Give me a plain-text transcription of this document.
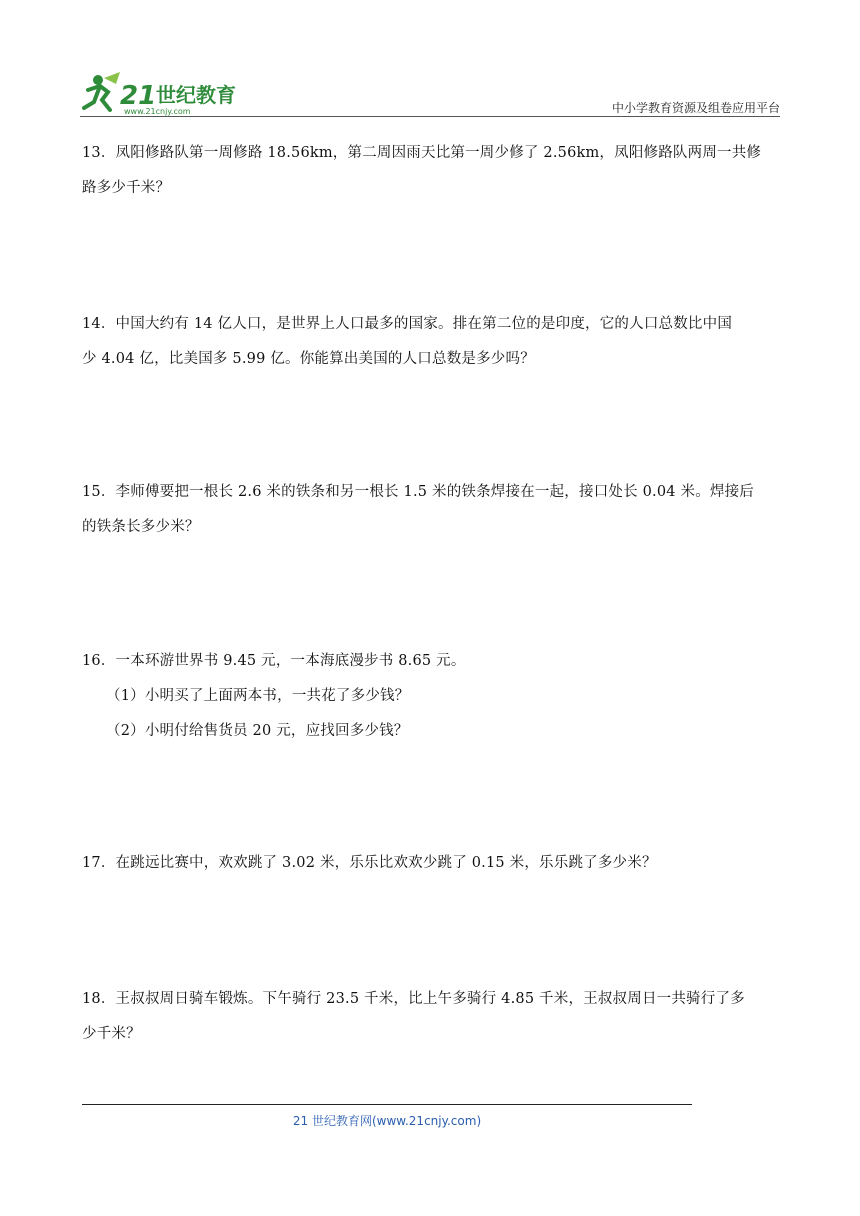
21 世纪教育
www.21cnjy.com	中小学教育资源及组卷应用平台

13．凤阳修路队第一周修路 18.56km，第二周因雨天比第一周少修了 2.56km，凤阳修路队两周一共修

路多少千米？

14．中国大约有 14 亿人口，是世界上人口最多的国家。排在第二位的是印度，它的人口总数比中国

少 4.04 亿，比美国多 5.99 亿。你能算出美国的人口总数是多少吗？

15．李师傅要把一根长 2.6 米的铁条和另一根长 1.5 米的铁条焊接在一起，接口处长 0.04 米。焊接后

的铁条长多少米？

16．一本环游世界书 9.45 元，一本海底漫步书 8.65 元。

（1）小明买了上面两本书，一共花了多少钱？

（2）小明付给售货员 20 元，应找回多少钱？

17．在跳远比赛中，欢欢跳了 3.02 米，乐乐比欢欢少跳了 0.15 米，乐乐跳了多少米？

18．王叔叔周日骑车锻炼。下午骑行 23.5 千米，比上午多骑行 4.85 千米，王叔叔周日一共骑行了多

少千米？

21 世纪教育网(www.21cnjy.com)
